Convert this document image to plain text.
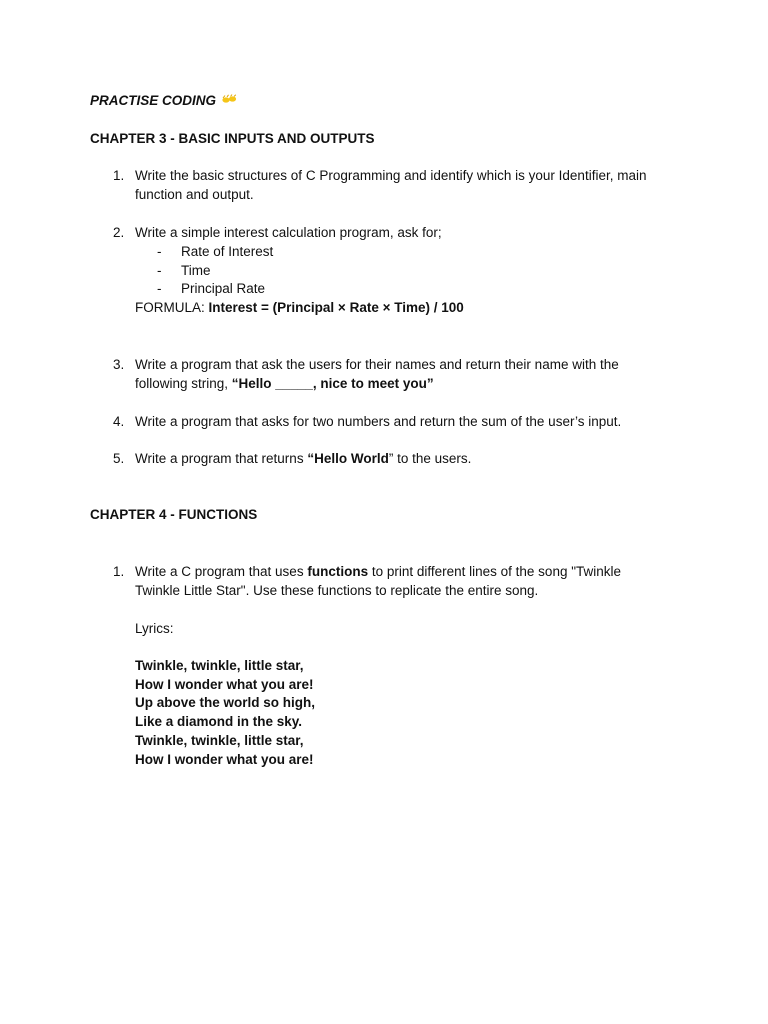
PRACTISE CODING
CHAPTER 3 - BASIC INPUTS AND OUTPUTS
1. Write the basic structures of C Programming and identify which is your Identifier, main
function and output.
2. Write a simple interest calculation program, ask for;
- Rate of Interest
- Time
- Principal Rate
FORMULA: Interest = (Principal × Rate × Time) / 100
3. Write a program that ask the users for their names and return their name with the
following string, “Hello _____, nice to meet you”
4. Write a program that asks for two numbers and return the sum of the user’s input.
5. Write a program that returns “Hello World” to the users.
CHAPTER 4 - FUNCTIONS
1. Write a C program that uses functions to print different lines of the song "Twinkle
Twinkle Little Star". Use these functions to replicate the entire song.
Lyrics:
Twinkle, twinkle, little star,
How I wonder what you are!
Up above the world so high,
Like a diamond in the sky.
Twinkle, twinkle, little star,
How I wonder what you are!
